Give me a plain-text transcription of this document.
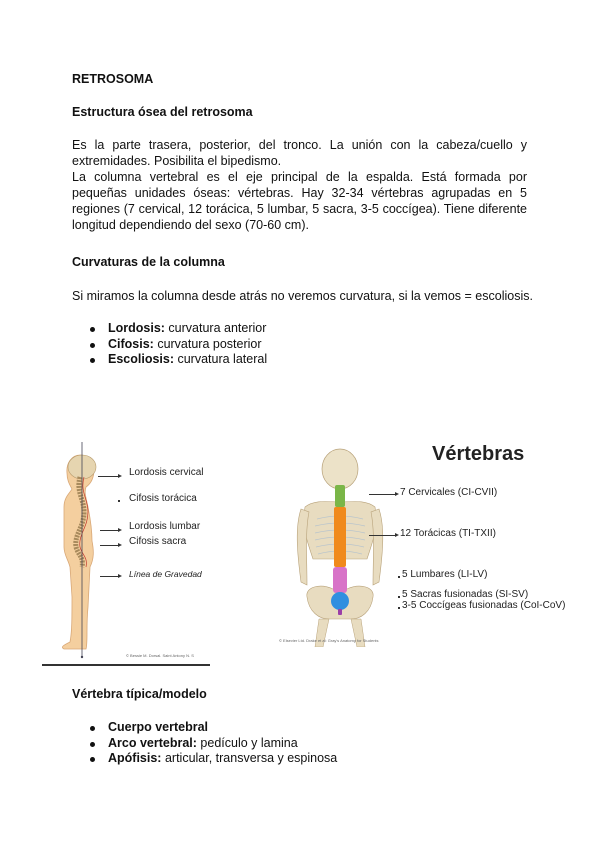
RETROSOMA
Estructura ósea del retrosoma

Es la parte trasera, posterior, del tronco. La unión con la cabeza/cuello y extremidades. Posibilita el bipedismo.

La columna vertebral es el eje principal de la espalda. Está formada por pequeñas unidades óseas: vértebras. Hay 32-34 vértebras agrupadas en 5 regiones (7 cervical, 12 torácica, 5 lumbar, 5 sacra, 3-5 coccígea). Tiene diferente longitud dependiendo del sexo (70-60 cm).

Curvaturas de la columna
Si miramos la columna desde atrás no veremos curvatura, si la vemos = escoliosis.
Lordosis: curvatura anterior
Cifosis: curvatura posterior
Escoliosis: curvatura lateral
Lordosis cervical
Cifosis torácica
Lordosis lumbar
Cifosis sacra
Línea de Gravedad
© Bessie M. Dorsal. Saint Antony N. S
Vértebras
7 Cervicales (CI-CVII)
12 Torácicas (TI-TXII)
5 Lumbares (LI-LV)
5 Sacras fusionadas (SI-SV)
3-5 Coccígeas fusionadas (CoI-CoV)
© Elsevier Ltd. Drake et al: Gray's Anatomy for Students
Vértebra típica/modelo
Cuerpo vertebral
Arco vertebral: pedículo y lamina
Apófisis: articular, transversa y espinosa
